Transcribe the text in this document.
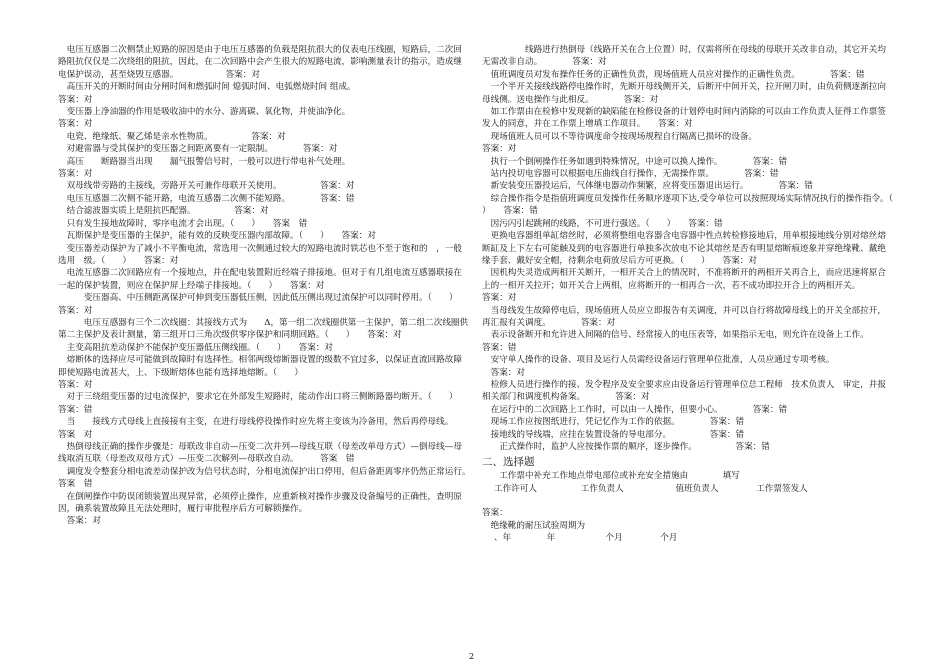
　电压互感器二次侧禁止短路的原因是由于电压互感器的负载是阻抗很大的仪表电压线圈，短路后，二次回路阻抗仅仅是二次绕组的阻抗，因此，在二次回路中会产生很大的短路电流，影响测量表计的指示，造成继电保护误动，甚至烧毁互感器。　　　　　　答案：对

　高压开关的开断时间由分闸时间和燃弧时间 熄弧时间、电弧燃烧时间 组成。

答案：对

　变压器上净油器的作用是吸收油中的水分、游离碳、氧化物，并使油净化。

答案：对

　电瓷、绝缘纸、聚乙烯是亲水性物质。　　　　　答案：对

　对避雷器与受其保护的变压器之间距离要有一定限制。　　　　答案：对

　高压　　断路器当出现　　漏气报警信号时，一般可以进行带电补气处理。

答案：对

　双母线带旁路的主接线，旁路开关可兼作母联开关使用。　　　　　答案：对

　电压互感器二次侧不能开路，电流互感器二次侧不能短路。　　　　答案：错

　结合滤波器实质上是阻抗匹配器。　　　　　答案：对

　只有发生接地故障时，零序电流才会出现。（　　）　　答案　错

　瓦斯保护是变压器的主保护，能有效的反映变压器内部故障。（　　）　　答案：对

　变压器差动保护为了减小不平衡电流，常选用一次侧通过较大的短路电流时铁芯也不至于饱和的　，一般选用　级。（　　）　　答案：对

　电流互感器二次回路应有一个接地点，并在配电装置附近经端子排接地。但对于有几组电流互感器联接在一起的保护装置，则应在保护屏上经端子排接地。（　　）　　答案：对

　　　变压器高、中压侧距离保护可伸到变压器低压侧，因此低压侧出现过流保护可以同时停用。（　　）　　答案：对

　　　电压互感器有三个二次线圈：其接线方式为　　Δ，第一组二次线圈供第一主保护，第二组二次线圈供第二主保护及表计测量，第三组开口三角次级供零序保护和同期回路。（　　）　　答案：对

　主变高阻抗差动保护不能保护变压器低压侧线圈。（　　）　　答案：对

　熔断体的选择应尽可能做到故障时有选择性。相邻两级熔断器设置的级数不宜过多，以保证直流回路故障即使短路电流甚大，上、下级断熔体也能有选择地熔断。（　　）

答案：对

　对于三绕组变压器的过电流保护，要求它在外部发生短路时，能动作出口将三侧断路器均断开。（　　）　　　答案：错

　当　　接线方式母线上直接接有主变，在进行母线停役操作时应先将主变该为冷备用，然后再停母线。　　　　答案　对

　热倒母线正确的操作步骤是：母联改非自动—压变二次并列—母线互联（母差改单母方式）—倒母线—母线取消互联（母差改双母方式）—压变二次解列—母联改自动。　　　答案　错

　调度发令整套分相电流差动保护改为信号状态时，分相电流保护出口停用，但后备距离零序仍然正常运行。　　　　答案　错

　在倒闸操作中防误闭锁装置出现异常，必须停止操作，应重新核对操作步骤及设备编号的正确性，查明原因，确系装置故障且无法处理时，履行审批程序后方可解锁操作。

　答案：对

　　　　　线路进行热倒母（线路开关在合上位置）时，仅需将所在母线的母联开关改非自动，其它开关均无需改非自动。　　　　答案：对

　值班调度员对发布操作任务的正确性负责，现场值班人员应对操作的正确性负责。　　　　答案：错

　一个半开关接线线路停电操作时，先断开母线侧开关，后断开中间开关，拉开闸刀时，由负荷侧逐渐拉向母线侧。送电操作与此相反。　　　　答案：对

　如工作票由在检修中发现新的缺陷能在检修设备的计划停电时间内消除的可以由工作负责人征得工作票签发人的同意，并在工作票上增填工作项目。　　答案：对

　现场值班人员可以不等待调度命令按现场规程自行隔离已损坏的设备。

答案：对

　执行一个倒闸操作任务如遇到特殊情况，中途可以换人操作。　　　　答案：错

　站内投切电容器可以根据电压曲线自行操作，无需操作票。　　　　答案：错

　新安装变压器投运后，气体继电器动作频繁，应将变压器退出运行。　　　　答案：错

　综合操作指令是指值班调度员发操作任务顺序逐项下达,受令单位可以按照现场实际情况执行的操作指令。（　　）　　答案：错

　因污闪引起跳闸的线路，不可进行强送。（　　）　　答案：错

　更换电容器组单缸熔丝时，必须将整组电容器含电容器中性点转检修接地后，用单根接地线分别对熔丝熔断缸及上下左右可能触及到的电容器进行单独多次放电不论其熔丝是否有明显熔断痕迹象并穿绝缘靴、戴绝缘手套、戴好安全帽，待剩余电荷放尽后方可更换。（　　）　　答案：对

　因机构失灵造成两相开关断开，一相开关合上的情况时，不准将断开的两相开关再合上，而应迅速将原合上的一相开关拉开；如开关合上两相，应将断开的一相再合一次，若不成功即拉开合上的两相开关。　　　　答案：对

　当母线发生故障停电后，现场值班人员应立即报告有关调度，并可以自行将故障母线上的开关全部拉开，再汇报有关调度。　　　　答案：对

　表示设备断开和允许进入间隔的信号、经常接入的电压表等，如果指示无电，则允许在设备上工作。　　　　　答案：错

　安守单人操作的设备、项目及运行人员需经设备运行管理单位批准，人员应通过专项考核。

　答案：对

　检修人员进行操作的接、发令程序及安全要求应由设备运行管理单位总工程师　技术负责人　审定，并报相关部门和调度机构备案。　　　　答案：对

　在运行中的二次回路上工作时，可以由一人操作，但要小心。　　　　答案：错

　现场工作应按图纸进行，凭记忆作为工作的依据。　　　　答案：错

　接地线的导线端，应挂在装置设备的导电部分。　　　　　答案：错

　　正式操作时，监护人应按操作票的顺序，逐步操作。　　　　　答案：错

二、选择题

　　工作票中补充工作地点带电部位或补充安全措施由　　　　填写

工作许可人	工作负责人	值班负责人	工作票签发人

答案：

　绝缘靴的耐压试验周期为

、年	年	个月	个月

2
